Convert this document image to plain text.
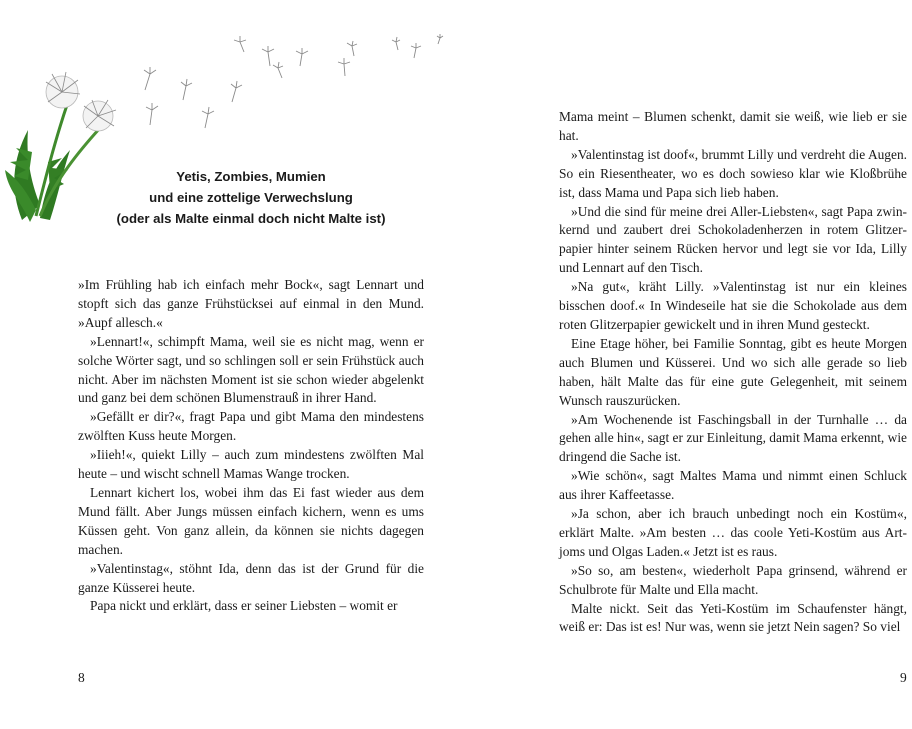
Yetis, Zombies, Mumien
und eine zottelige Verwechslung
(oder als Malte einmal doch nicht Malte ist)

»Im Frühling hab ich einfach mehr Bock«, sagt Lennart und stopft sich das ganze Frühstücksei auf einmal in den Mund. »Aupf allesch.«

»Lennart!«, schimpft Mama, weil sie es nicht mag, wenn er solche Wörter sagt, und so schlingen soll er sein Frühstück auch nicht. Aber im nächsten Moment ist sie schon wieder abgelenkt und ganz bei dem schönen Blumenstrauß in ihrer Hand.

»Gefällt er dir?«, fragt Papa und gibt Mama den mindestens zwölften Kuss heute Morgen.

»Iiieh!«, quiekt Lilly – auch zum mindestens zwölften Mal heute – und wischt schnell Mamas Wange trocken.

Lennart kichert los, wobei ihm das Ei fast wieder aus dem Mund fällt. Aber Jungs müssen einfach kichern, wenn es ums Küssen geht. Von ganz allein, da können sie nichts dagegen machen.

»Valentinstag«, stöhnt Ida, denn das ist der Grund für die ganze Küsserei heute.

Papa nickt und erklärt, dass er seiner Liebsten – womit er

8

Mama meint – Blumen schenkt, damit sie weiß, wie lieb er sie hat.

»Valentinstag ist doof«, brummt Lilly und verdreht die Augen. So ein Riesentheater, wo es doch sowieso klar wie Kloßbrühe ist, dass Mama und Papa sich lieb haben.

»Und die sind für meine drei Aller-Liebsten«, sagt Papa zwinkernd und zaubert drei Schokoladenherzen in rotem Glitzerpapier hinter seinem Rücken hervor und legt sie vor Ida, Lilly und Lennart auf den Tisch.

»Na gut«, kräht Lilly. »Valentinstag ist nur ein kleines bisschen doof.« In Windeseile hat sie die Schokolade aus dem roten Glitzerpapier gewickelt und in ihren Mund gesteckt.

Eine Etage höher, bei Familie Sonntag, gibt es heute Morgen auch Blumen und Küsserei. Und wo sich alle gerade so lieb haben, hält Malte das für eine gute Gelegenheit, mit seinem Wunsch rauszurücken.

»Am Wochenende ist Faschingsball in der Turnhalle … da gehen alle hin«, sagt er zur Einleitung, damit Mama erkennt, wie dringend die Sache ist.

»Wie schön«, sagt Maltes Mama und nimmt einen Schluck aus ihrer Kaffeetasse.

»Ja schon, aber ich brauch unbedingt noch ein Kostüm«, erklärt Malte. »Am besten … das coole Yeti-Kostüm aus Artjoms und Olgas Laden.« Jetzt ist es raus.

»So so, am besten«, wiederholt Papa grinsend, während er Schulbrote für Malte und Ella macht.

Malte nickt. Seit das Yeti-Kostüm im Schaufenster hängt, weiß er: Das ist es! Nur was, wenn sie jetzt Nein sagen? So viel

9
